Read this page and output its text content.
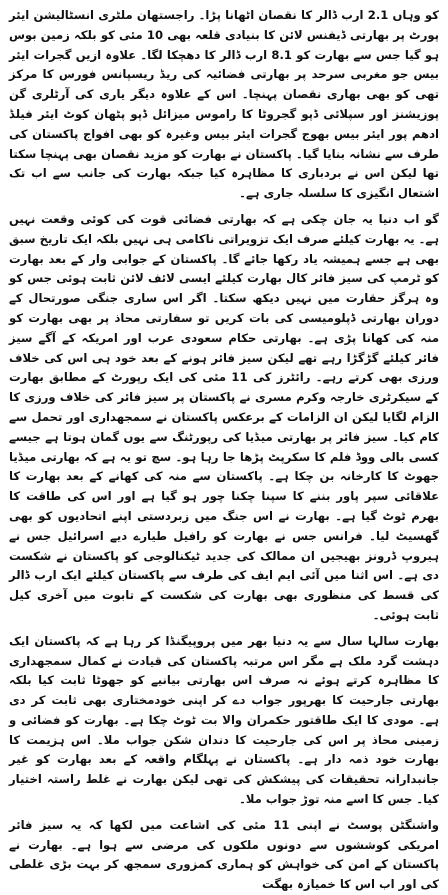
کو وہاں 2.1 ارب ڈالر کا نقصان اٹھانا پڑا۔ راجستھان ملٹری انسٹالیشن ایئر پورٹ پر بھارتی ڈیفنس لائن کا بنیادی قلعہ بھی 10 مئی کو بلکہ زمین بوس ہو گیا جس سے بھارت کو 8.1 ارب ڈالر کا دھچکا لگا۔ علاوہ ازیں گجرات ایئر بیس جو مغربی سرحد پر بھارتی فضائیہ کی ریڈ ریسپانس فورس کا مرکز تھی کو بھی بھاری نقصان پہنچا۔ اس کے علاوہ دیگر یاری کی آرٹلری گن پوزیشنز اور سپلائی ڈپو گجروٹا کا راموس میزائل ڈپو پٹھان کوٹ ایئر فیلڈ ادھم پور ایئر بیس بھوج گجرات ایئر بیس وغیرہ کو بھی افواج پاکستان کی طرف سے نشانہ بنایا گیا۔ پاکستان نے بھارت کو مزید نقصان بھی پہنچا سکتا تھا لیکن اس نے بردباری کا مظاہرہ کیا جبکہ بھارت کی جانب سے اب تک اشتعال انگیزی کا سلسلہ جاری ہے۔

گو اب دنیا یہ جان چکی ہے کہ بھارتی فضائی قوت کی کوئی وقعت نہیں ہے۔ یہ بھارت کیلئے صرف ایک تزویراتی ناکامی ہی نہیں بلکہ ایک تاریخ سبق بھی ہے جسے ہمیشہ یاد رکھا جائے گا۔ پاکستان کے جوابی وار کے بعد بھارت کو ٹرمپ کی سیز فائر کال بھارت کیلئے ایسی لائف لائن ثابت ہوئی جس کو وہ ہرگز حقارت میں نہیں دیکھ سکتا۔ اگر اس ساری جنگی صورتحال کے دوران بھارتی ڈپلومیسی کی بات کریں تو سفارتی محاذ پر بھی بھارت کو منہ کی کھانا پڑی ہے۔ بھارتی حکام سعودی عرب اور امریکہ کے آگے سیز فائر کیلئے گڑگڑا رہے تھے لیکن سیز فائر ہونے کے بعد خود ہی اس کی خلاف ورزی بھی کرتے رہے۔ رائٹرز کی 11 مئی کی ایک رپورٹ کے مطابق بھارت کے سیکرٹری خارجہ وکرم مسری نے پاکستان پر سیز فائر کی خلاف ورزی کا الزام لگایا لیکن ان الزامات کے برعکس پاکستان نے سمجھداری اور تحمل سے کام کیا۔ سیز فائر پر بھارتی میڈیا کی رپورٹنگ سے یوں گمان ہوتا ہے جیسے کسی بالی ووڈ فلم کا سکرپٹ پڑھا جا رہا ہو۔ سچ تو یہ ہے کہ بھارتی میڈیا جھوٹ کا کارخانہ بن چکا ہے۔ پاکستان سے منہ کی کھانے کے بعد بھارت کا علاقائی سپر پاور بننے کا سپنا چکنا چور ہو گیا ہے اور اس کی طاقت کا بھرم ٹوٹ گیا ہے۔ بھارت نے اس جنگ میں زبردستی اپنے اتحادیوں کو بھی گھسیٹ لیا۔ فرانس جس نے بھارت کو رافیل طیارے دیے اسرائیل جس نے ہیروپ ڈرونز بھیجیں ان ممالک کی جدید ٹیکنالوجی کو پاکستان نے شکست دی ہے۔ اس اثنا میں آئی ایم ایف کی طرف سے پاکستان کیلئے ایک ارب ڈالر کی قسط کی منظوری بھی بھارت کی شکست کے تابوت میں آخری کیل ثابت ہوئی۔

بھارت سالہا سال سے یہ دنیا بھر میں پروپیگنڈا کر رہا ہے کہ پاکستان ایک دہشت گرد ملک ہے مگر اس مرتبہ پاکستان کی قیادت نے کمال سمجھداری کا مظاہرہ کرتے ہوئے نہ صرف اس بھارتی بیانیے کو جھوٹا ثابت کیا بلکہ بھارتی جارحیت کا بھرپور جواب دے کر اپنی خودمختاری بھی ثابت کر دی ہے۔ مودی کا ایک طاقتور حکمران والا بت ٹوٹ چکا ہے۔ بھارت کو فضائی و زمینی محاذ پر اس کی جارحیت کا دندان شکن جواب ملا۔ اس ہزیمت کا بھارت خود ذمہ دار ہے۔ پاکستان نے پہلگام واقعہ کے بعد بھارت کو غیر جانبدارانہ تحقیقات کی پیشکش کی تھی لیکن بھارت نے غلط راستہ اختیار کیا۔ جس کا اسے منہ توڑ جواب ملا۔

واشنگٹن پوسٹ نے اپنی 11 مئی کی اشاعت میں لکھا کہ یہ سیز فائر امریکی کوششوں سے دونوں ملکوں کی مرضی سے ہوا ہے۔ بھارت نے پاکستان کے امن کی خواہش کو ہماری کمزوری سمجھ کر بہت بڑی غلطی کی اور اب اس کا خمیازہ بھگت
